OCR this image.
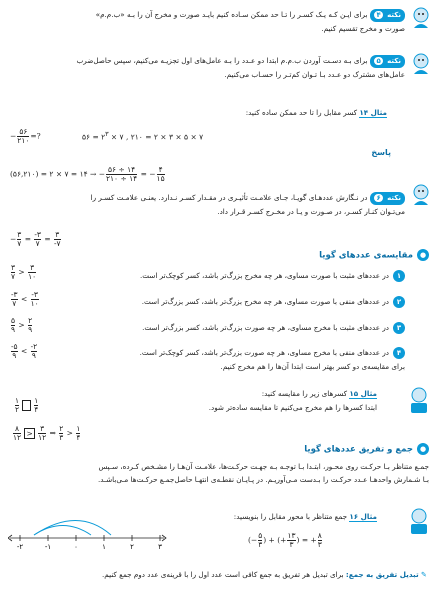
نکته ۴برای ایـن کـه یـک کسـر را تـا حد ممکن سـاده کنیم بایـد صورت و مخرج آن را بـه «ب.م.م»
صورت و مخرج تقسیم کنیم.
نکته ۵برای بـه دسـت آوردن ب.م.م ابتدا دو عـدد را بـه عامل‌های اول تجزیـه می‌کنیم، سپس حاصل‌ضرب
عامل‌های مشترک دو عـدد بـا تـوان کم‌تـر را حسـاب می‌کنیم.
مثال ۱۴ کسر مقابل را تا حد ممکن ساده کنید:
− $\frac{۵۶}{۲۱۰}$ =?	۵۶ = $۲^۳$ × ۷ , ۲۱۰ = ۲ × ۳ × ۵ × ۷
پاسخ
(۵۶,۲۱۰) = ۲ × ۷ = ۱۴ → − $\frac{۵۶ \div ۱۴}{۲۱۰ \div ۱۴}$ = − $\frac{۴}{۱۵}$
نکته ۶در نـگارش عددهـای گویـا، جـای علامـت تأثیـری در مقـدار کسـر نـدارد. یعنـی علامـت کسـر را
می‌تـوان کنـار کسـر، در صـورت و یـا در مخـرج کسـر قـرار داد.
− $\frac{۳}{۷} = \frac{-۳}{۷} = \frac{۳}{-۷}$
●مقایسه‌ی عددهای گویا
۱در عددهای مثبت با صورت مساوی، هر چه مخرج بزرگ‌تر باشد، کسر کوچک‌تر است.
$\frac{۳}{۷} > \frac{۳}{۱۰}$
۲در عددهای منفی با صورت مساوی، هر چه مخرج بزرگ‌تر باشد، کسر بزرگ‌تر است.
$\frac{-۳}{۷} < \frac{-۳}{۱۰}$
۳در عددهای مثبت با مخرج مساوی، هر چه صورت بزرگ‌تر باشد، کسر بزرگ‌تر است.
$\frac{۵}{۹} > \frac{۲}{۹}$
۴در عددهای منفی با مخرج مساوی، هر چه صورت بزرگ‌تر باشد، کسر کوچک‌تر است.
$\frac{-۵}{۹} < \frac{-۲}{۹}$
برای مقایسه‌ی دو کسر بهتر است ابتدا آن‌ها را هم مخرج کنیم.
مثال ۱۵ کسرهای زیر را مقایسه کنید:
ابتدا کسرها را هم مخرج می‌کنیم تا مقایسه ساده‌تر شود.
$\frac{۱}{۲}$
$\frac{۱}{۴}$
$\frac{۸}{۱۲} > \frac{۳}{۱۲}$ ⇒ $\frac{۲}{۳} > \frac{۱}{۴}$
●جمع و تفریق عددهای گویا
جمـع متناظر بـا حرکـت روی محـور، ابتـدا بـا توجـه بـه جهـت حرکـت‌ها، علامـت آن‌هـا را مشـخص کـرده، سـپس
بـا شـمارش واحدهـا عـدد حرکـت را بـدست مـی‌آوریـم. در پـایـان نقطـه‌ی انتهـا حاصل‌جمـع حرکـت‌ها مـی‌باشـد.
مثال ۱۶ جمع متناظر با محور مقابل را بنویسید:
(− $\frac{۵}{۳}$ ) + (+ $\frac{۱۳}{۳}$ ) = + $\frac{۸}{۳}$
-۲	-۱	۰	۱	۲	۳
✎ تبدیل تفریق به جمع: برای تبدیل هر تفریق به جمع کافی است عدد اول را با قرینه‌ی عدد دوم جمع کنیم.
